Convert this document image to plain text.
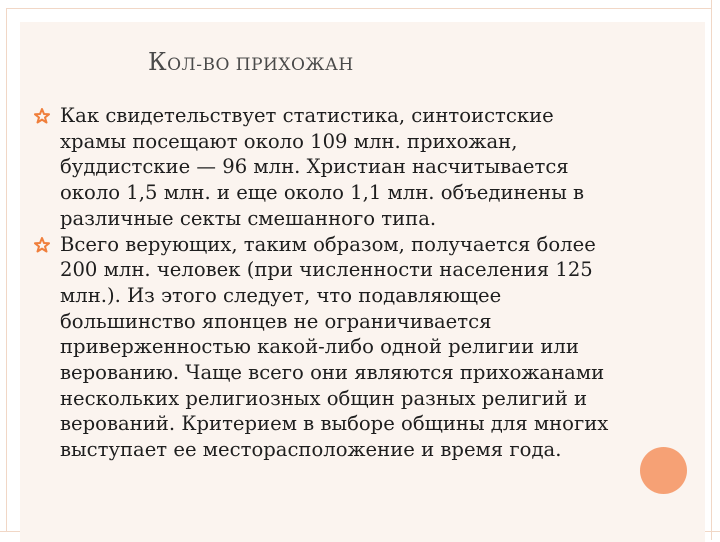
КОЛ-ВО ПРИХОЖАН
Как свидетельствует статистика, синтоистские
храмы посещают около 109 млн. прихожан,
буддистские — 96 млн. Христиан насчитывается
около 1,5 млн. и еще около 1,1 млн. объединены в
различные секты смешанного типа.
Всего верующих, таким образом, получается более
200 млн. человек (при численности населения 125
млн.). Из этого следует, что подавляющее
большинство японцев не ограничивается
приверженностью какой-либо одной религии или
верованию. Чаще всего они являются прихожанами
нескольких религиозных общин разных религий и
верований. Критерием в выборе общины для многих
выступает ее месторасположение и время года.
